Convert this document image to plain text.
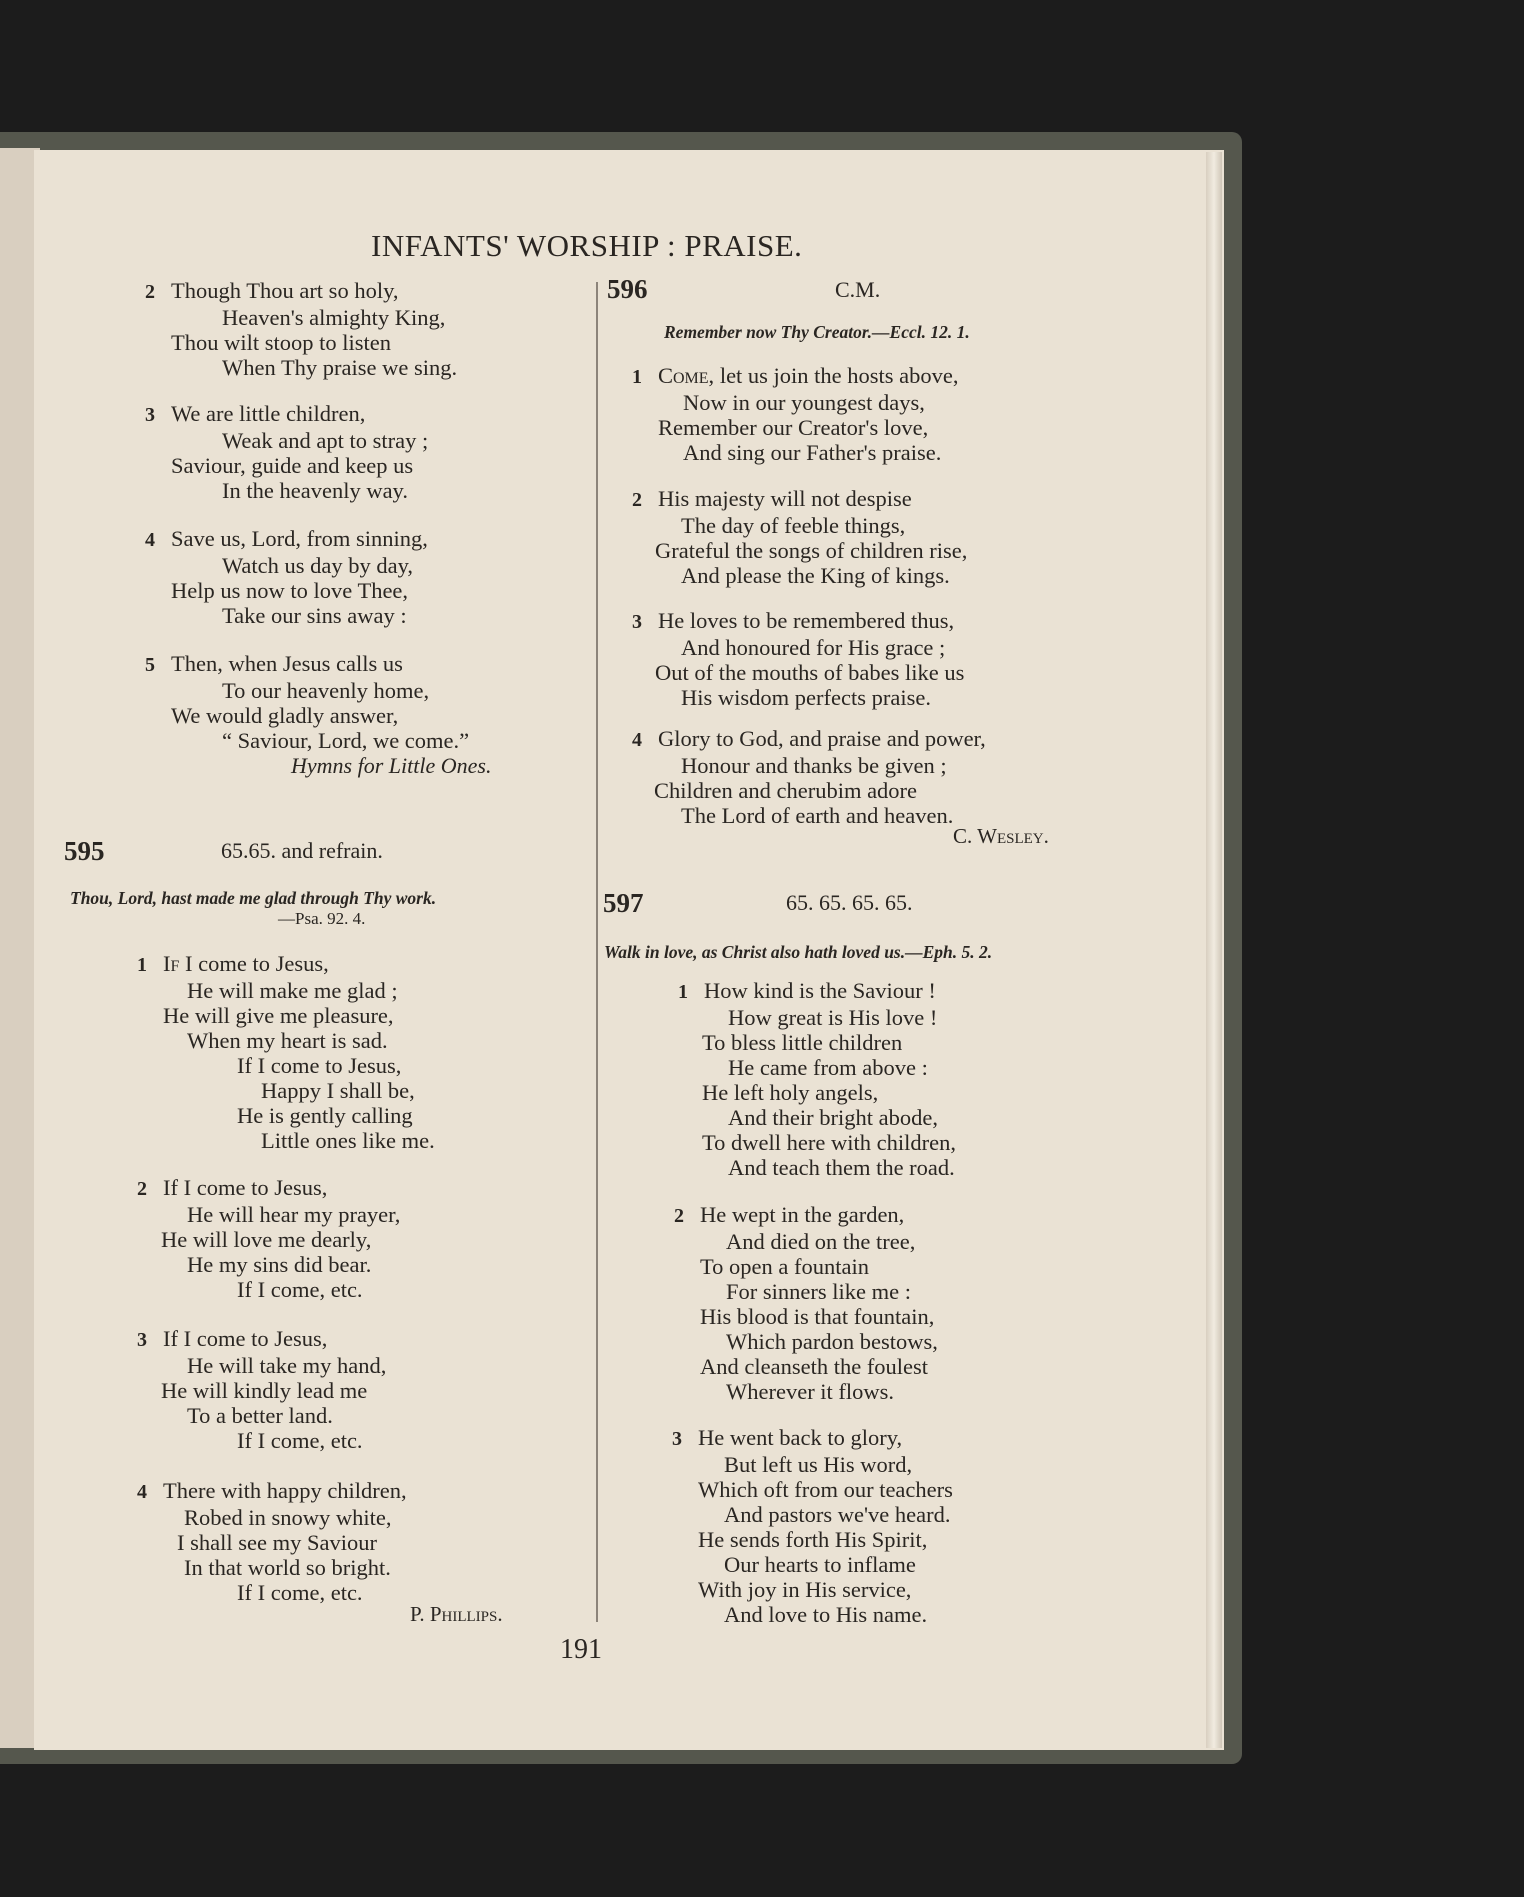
INFANTS' WORSHIP : PRAISE.
2 Though Thou art so holy,
Heaven's almighty King,
Thou wilt stoop to listen
When Thy praise we sing.
3 We are little children,
Weak and apt to stray ;
Saviour, guide and keep us
In the heavenly way.
4 Save us, Lord, from sinning,
Watch us day by day,
Help us now to love Thee,
Take our sins away :
5 Then, when Jesus calls us
To our heavenly home,
We would gladly answer,
“ Saviour, Lord, we come.”
Hymns for Little Ones.
595	65.65. and refrain.
Thou, Lord, hast made me glad through Thy work.
—Psa. 92. 4.
1 If I come to Jesus,
He will make me glad ;
He will give me pleasure,
When my heart is sad.
If I come to Jesus,
Happy I shall be,
He is gently calling
Little ones like me.
2 If I come to Jesus,
He will hear my prayer,
He will love me dearly,
He my sins did bear.
If I come, etc.
3 If I come to Jesus,
He will take my hand,
He will kindly lead me
To a better land.
If I come, etc.
4 There with happy children,
Robed in snowy white,
I shall see my Saviour
In that world so bright.
If I come, etc.
P. Phillips.
596	C.M.
Remember now Thy Creator.—Eccl. 12. 1.
1 Come, let us join the hosts above,
Now in our youngest days,
Remember our Creator's love,
And sing our Father's praise.
2 His majesty will not despise
The day of feeble things,
Grateful the songs of children rise,
And please the King of kings.
3 He loves to be remembered thus,
And honoured for His grace ;
Out of the mouths of babes like us
His wisdom perfects praise.
4 Glory to God, and praise and power,
Honour and thanks be given ;
Children and cherubim adore
The Lord of earth and heaven.
C. Wesley.
597	65. 65. 65. 65.
Walk in love, as Christ also hath loved us.—Eph. 5. 2.
1 How kind is the Saviour !
How great is His love !
To bless little children
He came from above :
He left holy angels,
And their bright abode,
To dwell here with children,
And teach them the road.
2 He wept in the garden,
And died on the tree,
To open a fountain
For sinners like me :
His blood is that fountain,
Which pardon bestows,
And cleanseth the foulest
Wherever it flows.
3 He went back to glory,
But left us His word,
Which oft from our teachers
And pastors we've heard.
He sends forth His Spirit,
Our hearts to inflame
With joy in His service,
And love to His name.
191
